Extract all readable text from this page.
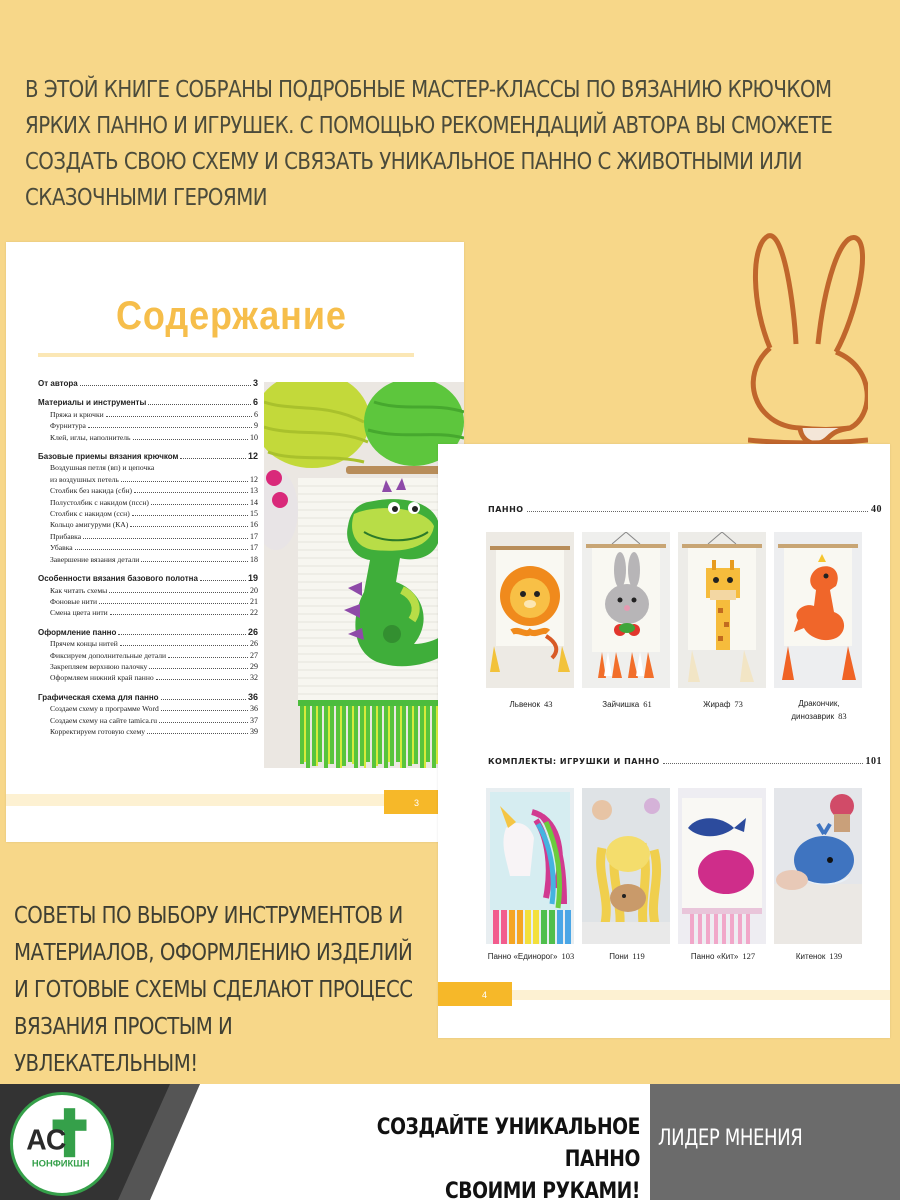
В ЭТОЙ КНИГЕ СОБРАНЫ ПОДРОБНЫЕ МАСТЕР-КЛАССЫ ПО ВЯЗАНИЮ КРЮЧКОМ ЯРКИХ ПАННО И ИГРУШЕК. С ПОМОЩЬЮ РЕКОМЕНДАЦИЙ АВТОРА ВЫ СМОЖЕТЕ СОЗДАТЬ СВОЮ СХЕМУ И СВЯЗАТЬ УНИКАЛЬНОЕ ПАННО С ЖИВОТНЫМИ ИЛИ СКАЗОЧНЫМИ ГЕРОЯМИ
Содержание
От автора	3
Материалы и инструменты	6
Пряжа и крючки	6
Фурнитура	9
Клей, иглы, наполнитель	10
Базовые приемы вязания крючком	12
Воздушная петля (вп) и цепочка
из воздушных петель	12
Столбик без накида (сбн)	13
Полустолбик с накидом (пссн)	14
Столбик с накидом (ссн)	15
Кольцо амигуруми (КА)	16
Прибавка	17
Убавка	17
Завершение вязания детали	18
Особенности вязания базового полотна	19
Как читать схемы	20
Фоновые нити	21
Смена цвета нити	22
Оформление панно	26
Прячем концы нитей	26
Фиксируем дополнительные детали	27
Закрепляем верхнюю палочку	29
Оформляем нижний край панно	32
Графическая схема для панно	36
Создаем схему в программе Word	36
Создаем схему на сайте tamica.ru	37
Корректируем готовую схему	39
3
ПАННО	40
Львенок 43	Зайчишка 61	Жираф 73	Дракончик,
динозаврик 83
КОМПЛЕКТЫ: ИГРУШКИ И ПАННО	101
Панно «Единорог» 103	Пони 119	Панно «Кит» 127	Китенок 139
4
СОВЕТЫ ПО ВЫБОРУ ИНСТРУМЕНТОВ И МАТЕРИАЛОВ, ОФОРМЛЕНИЮ ИЗДЕЛИЙ И ГОТОВЫЕ СХЕМЫ СДЕЛАЮТ ПРОЦЕСС ВЯЗАНИЯ ПРОСТЫМ И УВЛЕКАТЕЛЬНЫМ!
АС
НОНФИКШН
СОЗДАЙТЕ УНИКАЛЬНОЕ ПАННО
СВОИМИ РУКАМИ!
ЛИДЕР МНЕНИЯ
